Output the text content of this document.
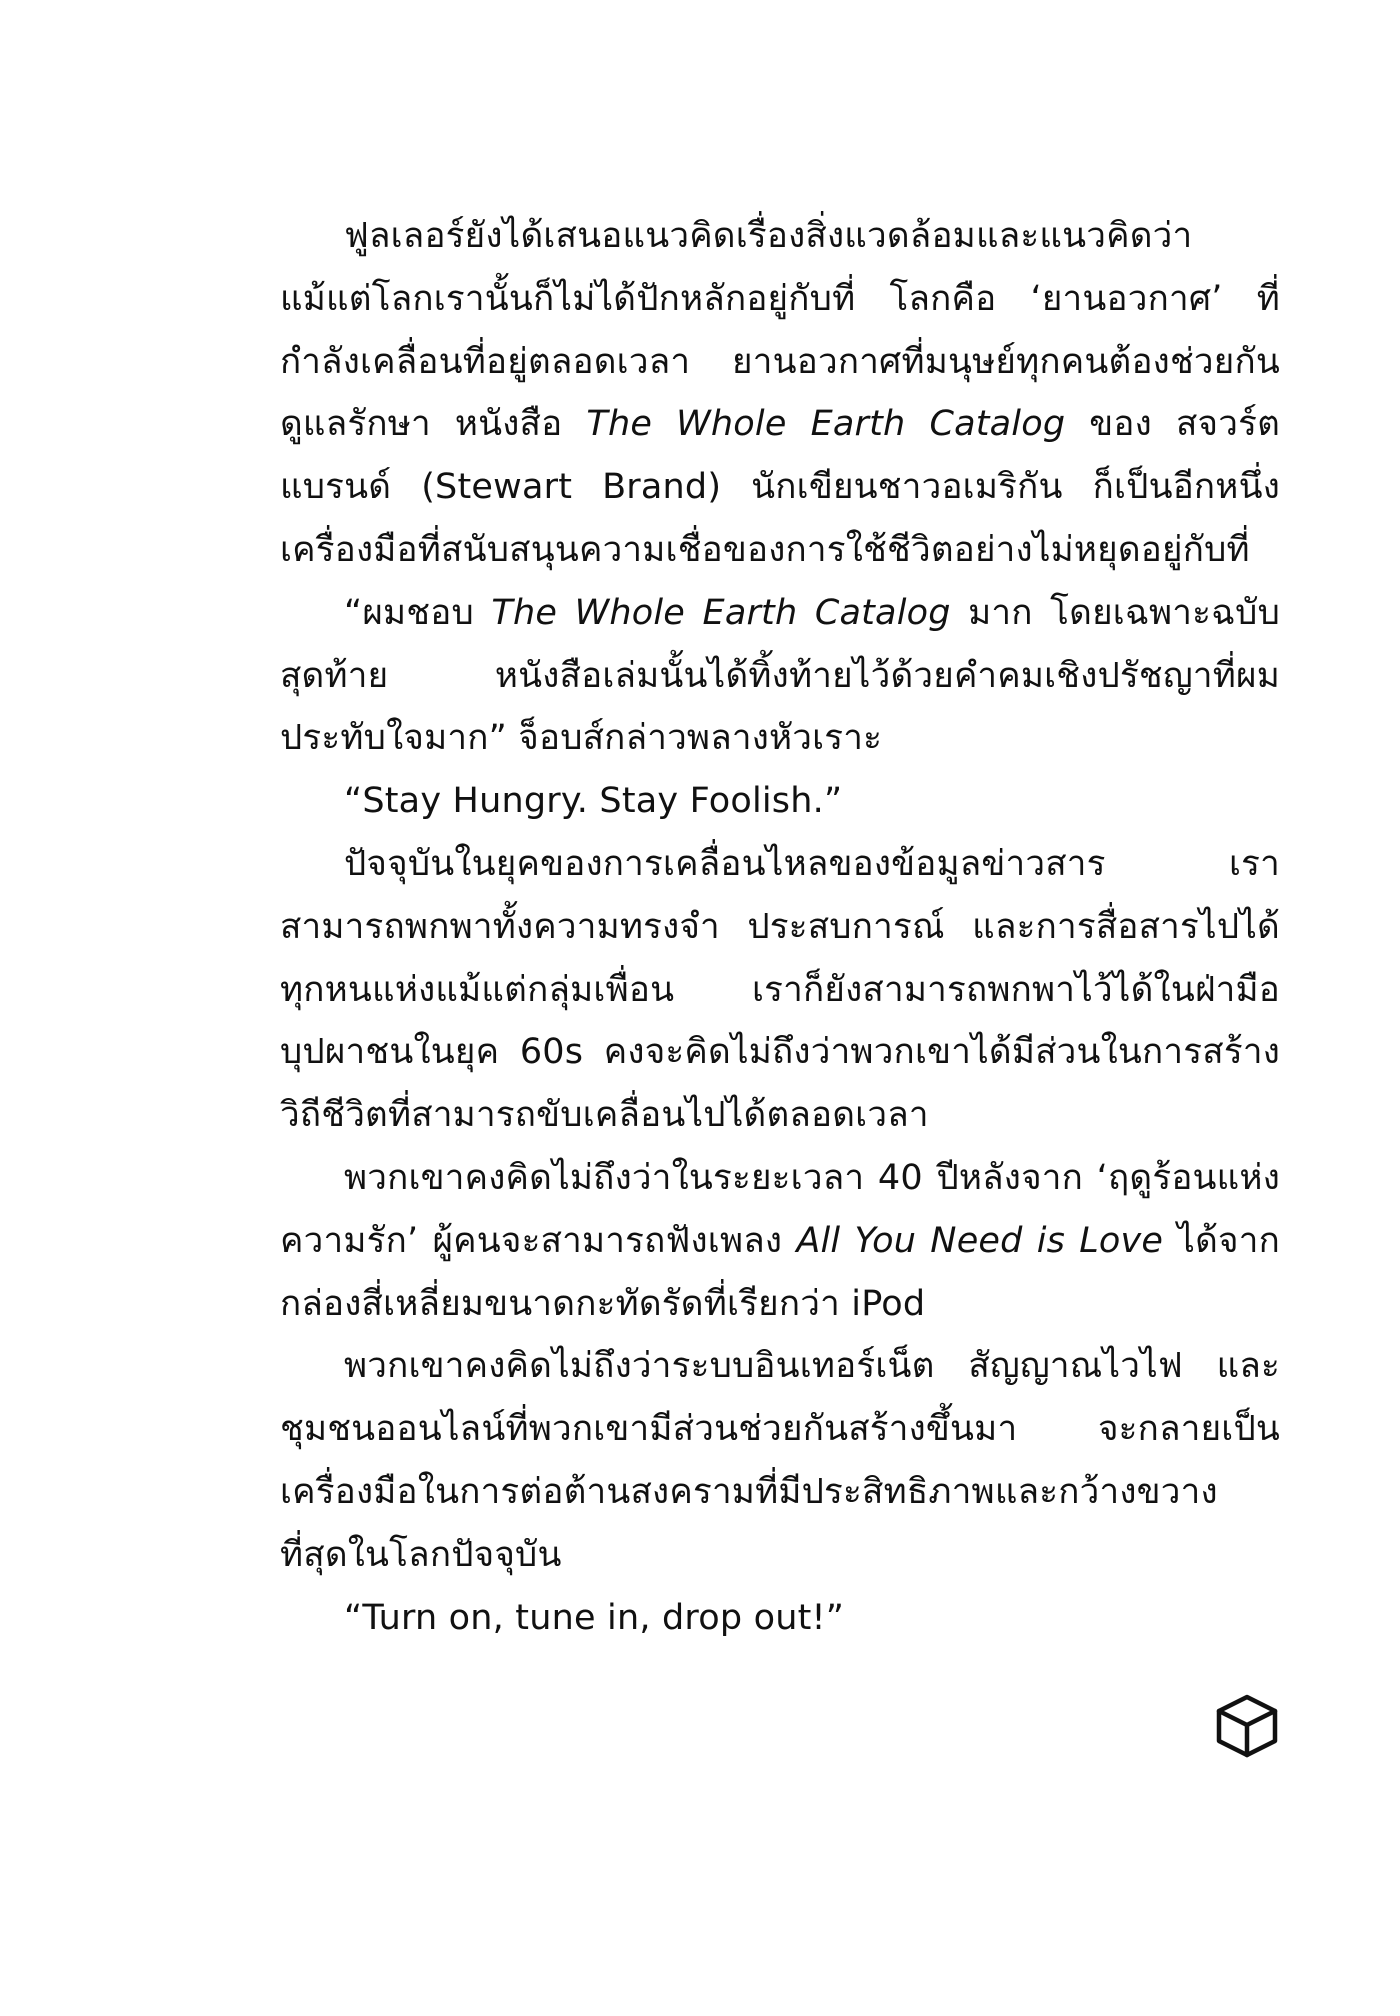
ฟูลเลอร์ยังได้เสนอแนวคิดเรื่องสิ่งแวดล้อมและแนวคิดว่าแม้แต่โลกเรานั้นก็ไม่ได้ปักหลักอยู่กับที่ โลกคือ ‘ยานอวกาศ’ ที่กำลังเคลื่อนที่อยู่ตลอดเวลา ยานอวกาศที่มนุษย์ทุกคนต้องช่วยกันดูแลรักษา หนังสือ The Whole Earth Catalog ของ สจวร์ต แบรนด์ (Stewart Brand) นักเขียนชาวอเมริกัน ก็เป็นอีกหนึ่งเครื่องมือที่สนับสนุนความเชื่อของการใช้ชีวิตอย่างไม่หยุดอยู่กับที่

“ผมชอบ The Whole Earth Catalog มาก โดยเฉพาะฉบับสุดท้าย หนังสือเล่มนั้นได้ทิ้งท้ายไว้ด้วยคำคมเชิงปรัชญาที่ผมประทับใจมาก” จ็อบส์กล่าวพลางหัวเราะ

“Stay Hungry. Stay Foolish.”

ปัจจุบันในยุคของการเคลื่อนไหลของข้อมูลข่าวสาร เราสามารถพกพาทั้งความทรงจำ ประสบการณ์ และการสื่อสารไปได้ทุกหนแห่งแม้แต่กลุ่มเพื่อน เราก็ยังสามารถพกพาไว้ได้ในฝ่ามือ บุปผาชนในยุค 60s คงจะคิดไม่ถึงว่าพวกเขาได้มีส่วนในการสร้างวิถีชีวิตที่สามารถขับเคลื่อนไปได้ตลอดเวลา

พวกเขาคงคิดไม่ถึงว่าในระยะเวลา 40 ปีหลังจาก ‘ฤดูร้อนแห่งความรัก’ ผู้คนจะสามารถฟังเพลง All You Need is Love ได้จากกล่องสี่เหลี่ยมขนาดกะทัดรัดที่เรียกว่า iPod

พวกเขาคงคิดไม่ถึงว่าระบบอินเทอร์เน็ต สัญญาณไวไฟ และชุมชนออนไลน์ที่พวกเขามีส่วนช่วยกันสร้างขึ้นมา จะกลายเป็นเครื่องมือในการต่อต้านสงครามที่มีประสิทธิภาพและกว้างขวางที่สุดในโลกปัจจุบัน

“Turn on, tune in, drop out!”
